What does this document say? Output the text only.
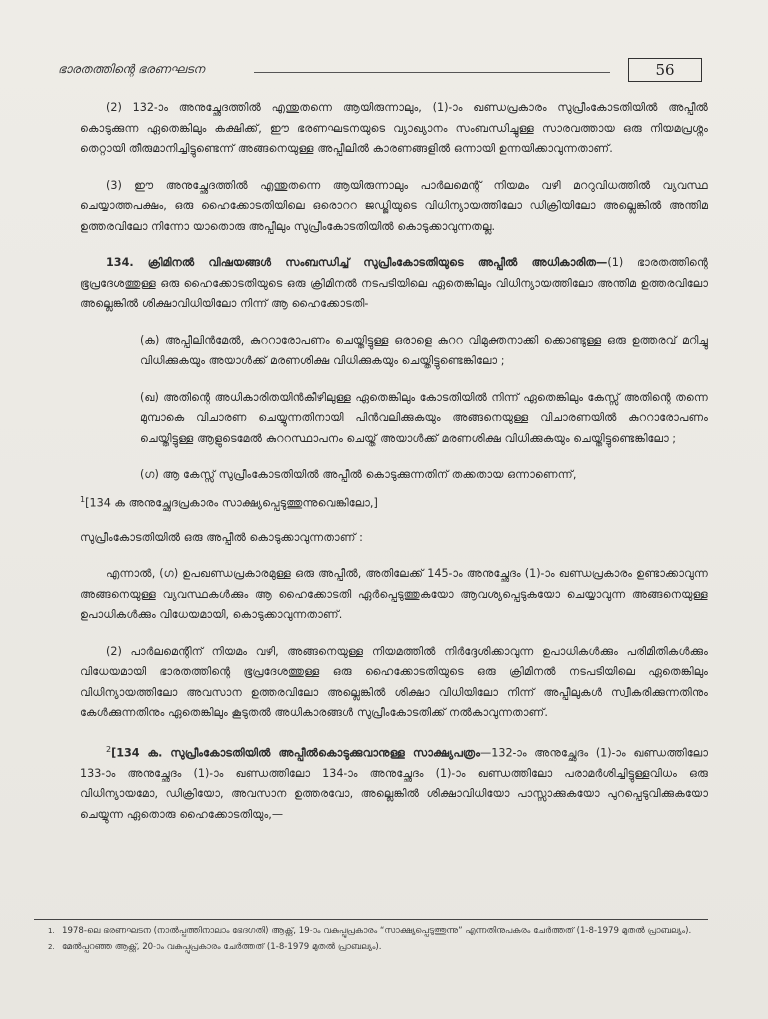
ഭാരതത്തിന്റെ ഭരണഘടന	56

(2) 132-ാം അനുച്ഛേദത്തിൽ എന്തുതന്നെ ആയിരുന്നാലും, (1)-ാം ഖണ്ഡപ്രകാരം സുപ്രീംകോടതിയിൽ അപ്പീൽ കൊടുക്കുന്ന ഏതെങ്കിലും കക്ഷിക്ക്, ഈ ഭരണഘടനയുടെ വ്യാഖ്യാനം സംബന്ധിച്ചുള്ള സാരവത്തായ ഒരു നിയമപ്രശ്നം തെറ്റായി തീരുമാനിച്ചിട്ടുണ്ടെന്ന് അങ്ങനെയുള്ള അപ്പീലിൽ കാരണങ്ങളിൽ ഒന്നായി ഉന്നയിക്കാവുന്നതാണ്.

(3) ഈ അനുച്ഛേദത്തിൽ എന്തുതന്നെ ആയിരുന്നാലും പാർലമെന്റ് നിയമം വഴി മററുവിധത്തിൽ വ്യവസ്ഥ ചെയ്യാത്തപക്ഷം, ഒരു ഹൈക്കോടതിയിലെ ഒരൊററ ജഡ്ജിയുടെ വിധിന്യായത്തിലോ ഡിക്രിയിലോ അല്ലെങ്കിൽ അന്തിമ ഉത്തരവിലോ നിന്നോ യാതൊരു അപ്പീലും സുപ്രീംകോടതിയിൽ കൊടുക്കാവുന്നതല്ല.

134. ക്രിമിനൽ വിഷയങ്ങൾ സംബന്ധിച്ച് സുപ്രീംകോടതിയുടെ അപ്പീൽ അധികാരിത—(1) ഭാരതത്തിന്റെ ഭൂപ്രദേശത്തുള്ള ഒരു ഹൈക്കോടതിയുടെ ഒരു ക്രിമിനൽ നടപടിയിലെ ഏതെങ്കിലും വിധിന്യായത്തിലോ അന്തിമ ഉത്തരവിലോ അല്ലെങ്കിൽ ശിക്ഷാവിധിയിലോ നിന്ന് ആ ഹൈക്കോടതി-

(ക) അപ്പീലിൻമേൽ, കുററാരോപണം ചെയ്തിട്ടുള്ള ഒരാളെ കുററ വിമുക്തനാക്കി ക്കൊണ്ടുള്ള ഒരു ഉത്തരവ് മറിച്ചു വിധിക്കുകയും അയാൾക്ക് മരണശിക്ഷ വിധിക്കുകയും ചെയ്തിട്ടുണ്ടെങ്കിലോ ;

(ഖ) അതിന്റെ അധികാരിതയിൻകീഴിലുള്ള ഏതെങ്കിലും കോടതിയിൽ നിന്ന് ഏതെങ്കിലും കേസ്സ് അതിന്റെ തന്നെ മുമ്പാകെ വിചാരണ ചെയ്യുന്നതിനായി പിൻവലിക്കുകയും അങ്ങനെയുള്ള വിചാരണയിൽ കുററാരോപണം ചെയ്തിട്ടുള്ള ആളുടെമേൽ കുററസ്ഥാപനം ചെയ്ത് അയാൾക്ക് മരണശിക്ഷ വിധിക്കുകയും ചെയ്തിട്ടുണ്ടെങ്കിലോ ;

(ഗ) ആ കേസ്സ് സുപ്രീംകോടതിയിൽ അപ്പീൽ കൊടുക്കുന്നതിന് തക്കതായ ഒന്നാണെന്ന്,

$^1$[134 ക അനുച്ഛേദപ്രകാരം സാക്ഷ്യപ്പെടുത്തുന്നുവെങ്കിലോ,]

സുപ്രീംകോടതിയിൽ ഒരു അപ്പീൽ കൊടുക്കാവുന്നതാണ് :

എന്നാൽ, (ഗ) ഉപഖണ്ഡപ്രകാരമുള്ള ഒരു അപ്പീൽ, അതിലേക്ക് 145-ാം അനുച്ഛേദം (1)-ാം ഖണ്ഡപ്രകാരം ഉണ്ടാക്കാവുന്ന അങ്ങനെയുള്ള വ്യവസ്ഥകൾക്കും ആ ഹൈക്കോടതി ഏർപ്പെടുത്തുകയോ ആവശ്യപ്പെടുകയോ ചെയ്യാവുന്ന അങ്ങനെയുള്ള ഉപാധികൾക്കും വിധേയമായി, കൊടുക്കാവുന്നതാണ്.

(2) പാർലമെന്റിന് നിയമം വഴി, അങ്ങനെയുള്ള നിയമത്തിൽ നിർദ്ദേശിക്കാവുന്ന ഉപാധികൾക്കും പരിമിതികൾക്കും വിധേയമായി ഭാരതത്തിന്റെ ഭൂപ്രദേശത്തുള്ള ഒരു ഹൈക്കോടതിയുടെ ഒരു ക്രിമിനൽ നടപടിയിലെ ഏതെങ്കിലും വിധിന്യായത്തിലോ അവസാന ഉത്തരവിലോ അല്ലെങ്കിൽ ശിക്ഷാ വിധിയിലോ നിന്ന് അപ്പീലുകൾ സ്വീകരിക്കുന്നതിനും കേൾക്കുന്നതിനും ഏതെങ്കിലും കൂടുതൽ അധികാരങ്ങൾ സുപ്രീംകോടതിക്ക് നൽകാവുന്നതാണ്.

$^2$[134 ക. സുപ്രീംകോടതിയിൽ അപ്പീൽകൊടുക്കുവാനുള്ള സാക്ഷ്യപത്രം—132-ാം അനുച്ഛേദം (1)-ാം ഖണ്ഡത്തിലോ 133-ാം അനുച്ഛേദം (1)-ാം ഖണ്ഡത്തിലോ 134-ാം അനുച്ഛേദം (1)-ാം ഖണ്ഡത്തിലോ പരാമർശിച്ചിട്ടുള്ളവിധം ഒരു വിധിന്യായമോ, ഡിക്രിയോ, അവസാന ഉത്തരവോ, അല്ലെങ്കിൽ ശിക്ഷാവിധിയോ പാസ്സാക്കുകയോ പുറപ്പെടുവിക്കുകയോ ചെയ്യുന്ന ഏതൊരു ഹൈക്കോടതിയും,—

1. 1978-ലെ ഭരണഘടന (നാൽപ്പത്തിനാലാം ഭേദഗതി) ആക്റ്റ്, 19-ാം വകുപ്പുപ്രകാരം “സാക്ഷ്യപ്പെടുത്തുന്നു” എന്നതിനുപകരം ചേർത്തത് (1-8-1979 മുതൽ പ്രാബല്യം).
2. മേൽപ്പറഞ്ഞ ആക്റ്റ്, 20-ാം വകുപ്പുപ്രകാരം ചേർത്തത് (1-8-1979 മുതൽ പ്രാബല്യം).
